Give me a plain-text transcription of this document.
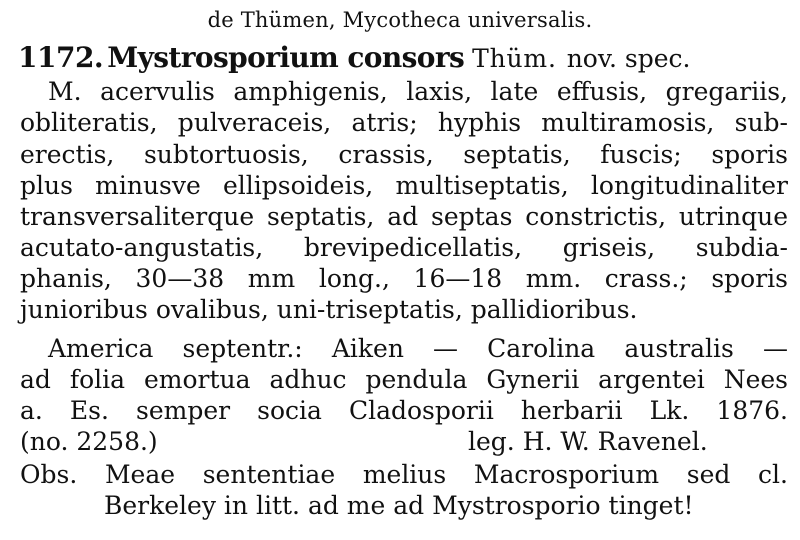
de Thümen, Mycotheca universalis.
1172. Mystrosporium consors Thüm. nov. spec.
M. acervulis amphigenis, laxis, late effusis, gregariis,
obliteratis, pulveraceis, atris; hyphis multiramosis, sub-
erectis, subtortuosis, crassis, septatis, fuscis; sporis
plus minusve ellipsoideis, multiseptatis, longitudinaliter
transversaliterque septatis, ad septas constrictis, utrinque
acutato-angustatis, brevipedicellatis, griseis, subdia-
phanis, 30—38 mm long., 16—18 mm. crass.; sporis
junioribus ovalibus, uni-triseptatis, pallidioribus.
America septentr.: Aiken — Carolina australis —
ad folia emortua adhuc pendula Gynerii argentei Nees
a. Es. semper socia Cladosporii herbarii Lk. 1876.
(no. 2258.)	leg. H. W. Ravenel.
Obs. Meae sententiae melius Macrosporium sed cl.
Berkeley in litt. ad me ad Mystrosporio tinget!
